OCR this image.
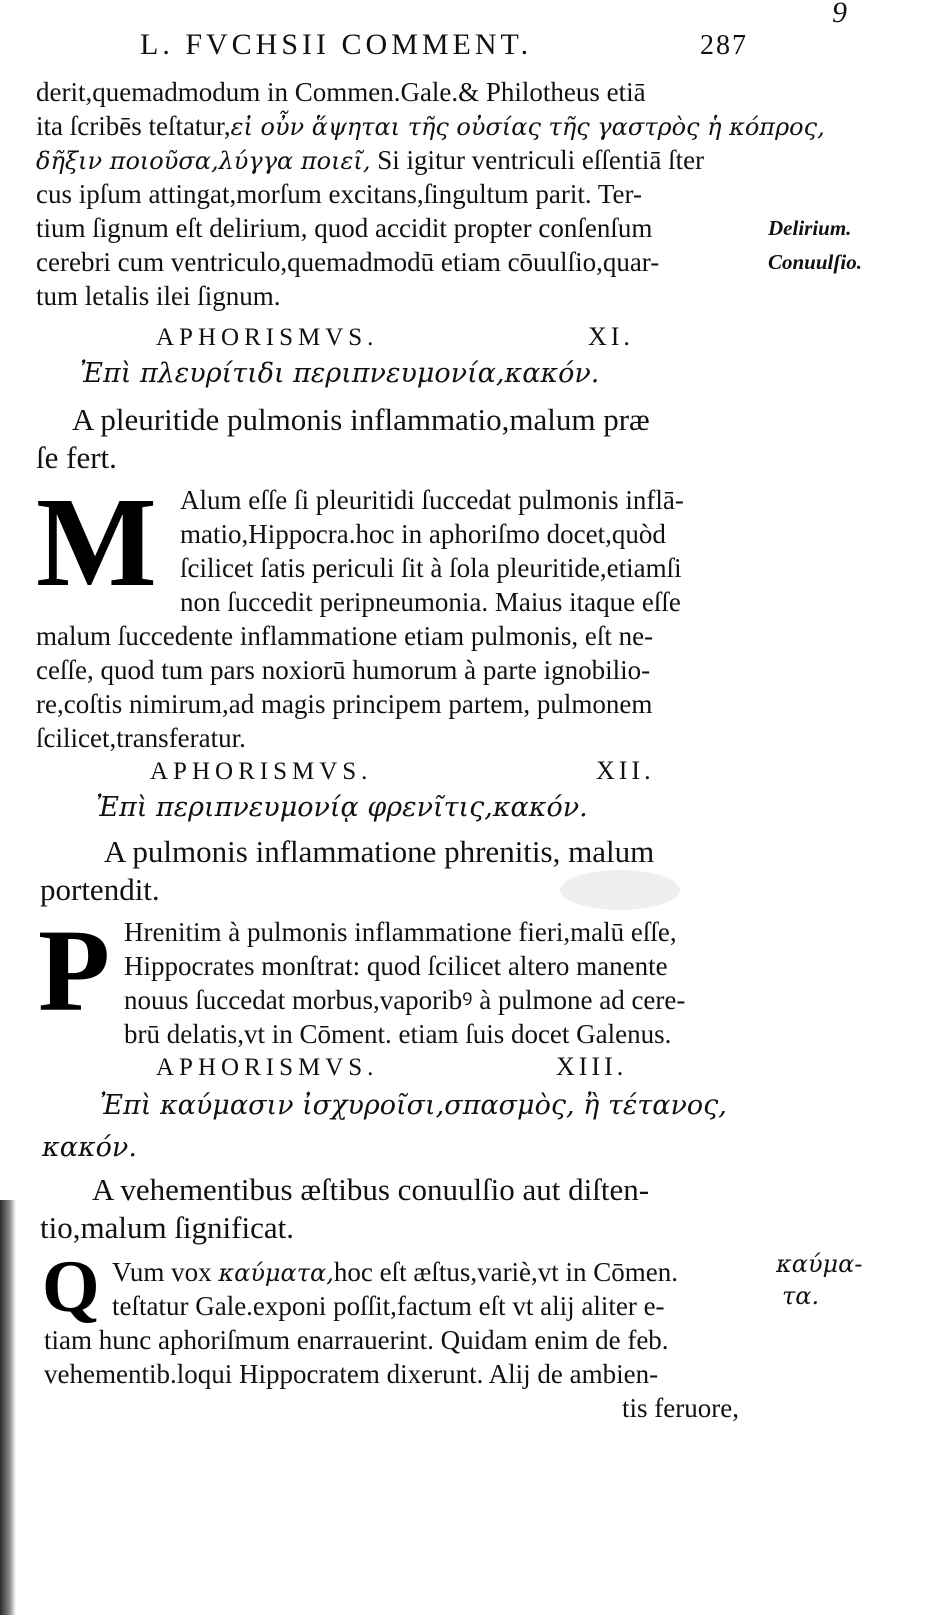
9
L. FVCHSII COMMENT.	287
derit,quemadmodum in Commen.Gale.& Philotheus etiā
ita ſcribēs teſtatur,εἰ οὖν ἅψηται τῆς οὐσίας τῆς γαστρὸς ἡ κόπρος,
δῆξιν ποιοῦσα,λύγγα ποιεῖ, Si igitur ventriculi eſſentiā ſter
cus ipſum attingat,morſum excitans,ſingultum parit. Ter-
tium ſignum eſt delirium, quod accidit propter conſenſum
cerebri cum ventriculo,quemadmodū etiam cōuulſio,quar-
tum letalis ilei ſignum.
Delirium.
Conuulſio.
APHORISMVS.	XI.
Ἐπὶ πλευρίτιδι περιπνευμονία,κακόν.
A pleuritide pulmonis inflammatio,malum præ
ſe fert.
M Alum eſſe ſi pleuritidi ſuccedat pulmonis inflā-
matio,Hippocra.hoc in aphoriſmo docet,quòd
ſcilicet ſatis periculi ſit à ſola pleuritide,etiamſi
non ſuccedit peripneumonia. Maius itaque eſſe
malum ſuccedente inflammatione etiam pulmonis, eſt ne-
ceſſe, quod tum pars noxiorū humorum à parte ignobilio-
re,coſtis nimirum,ad magis principem partem, pulmonem
ſcilicet,transferatur.
APHORISMVS.	XII.
Ἐπὶ περιπνευμονίᾳ φρενῖτις,κακόν.
A pulmonis inflammatione phrenitis, malum
portendit.
P Hrenitim à pulmonis inflammatione fieri,malū eſſe,
Hippocrates monſtrat: quod ſcilicet altero manente
nouus ſuccedat morbus,vaporibꝰ à pulmone ad cere-
brū delatis,vt in Cōment. etiam ſuis docet Galenus.
APHORISMVS.	XIII.
Ἐπὶ καύμασιν ἰσχυροῖσι,σπασμὸς, ἢ τέτανος,
κακόν.
A vehementibus æſtibus conuulſio aut diſten-
tio,malum ſignificat.
Q Vum vox καύματα,hoc eſt æſtus,variè,vt in Cōmen.
teſtatur Gale.exponi poſſit,factum eſt vt alij aliter e-
tiam hunc aphoriſmum enarrauerint. Quidam enim de feb.
vehementib.loqui Hippocratem dixerunt. Alij de ambien-
tis feruore,
καύμα-
τα.
